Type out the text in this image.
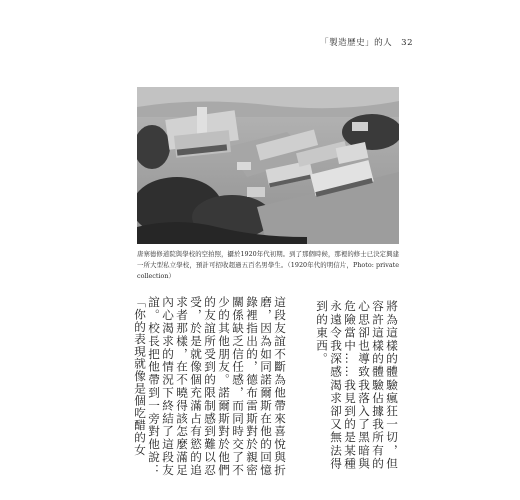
「製造歷史」的人　32
唐寨德修道院與學校的空拍照，攝於1920年代初期。到了那個時候，那裡的修士已決定興建一所大型私立學校，預計可招收超過五百名男學生。（1920年代的明信片，Photo: private collection）
將為這樣的體驗瘋狂一切，但容許這樣的體驗佔據我所有的心思卻也導致我落入了黑暗與危險當中……我見到的是某種永遠令我深感渴求卻又無法得到的東西。
這段友誼不斷為他帶來喜悅與折磨，因為如同諾爾斯在他的回憶錄裡指出的，德布雷斯對於親密關係缺乏信任感，而同時交了不少的其他朋友。諾爾斯對於他們的友誼所受到的限制感到難以忍受，於是就像個充滿占有慾的追求者那樣，在不曉得該怎麼滿足內心渴求的情況下終結了這段友誼。校長把他帶到一旁對他說：「你的表現就像是個吃醋的女
